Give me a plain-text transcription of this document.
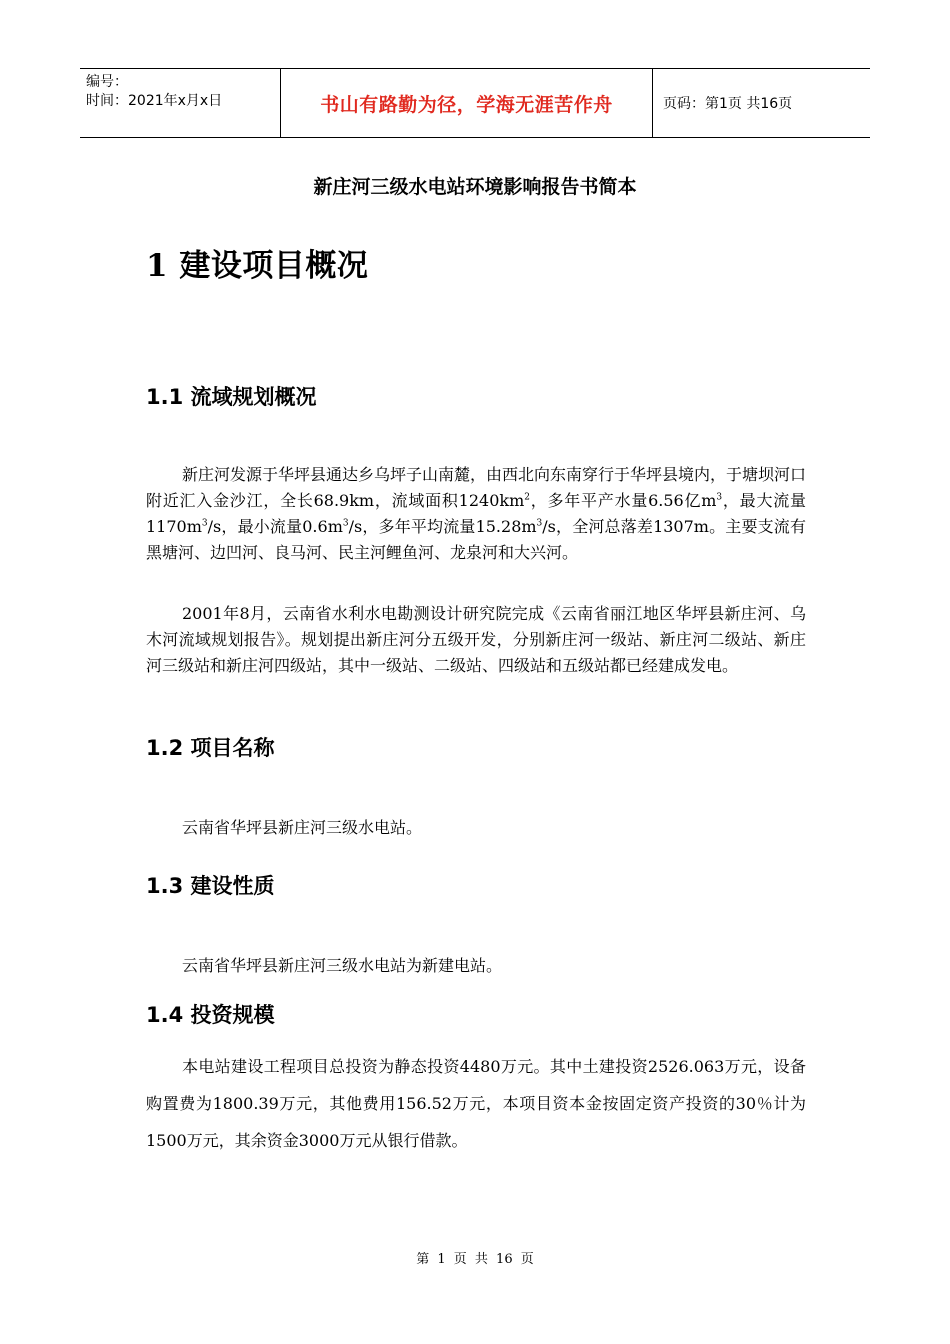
编号：
时间：2021年x月x日	书山有路勤为径，学海无涯苦作舟	页码：第1页 共16页
新庄河三级水电站环境影响报告书简本
1 建设项目概况
1.1 流域规划概况

新庄河发源于华坪县通达乡乌坪子山南麓，由西北向东南穿行于华坪县境内，于塘坝河口附近汇入金沙江，全长68.9km，流域面积$1240km^2$，多年平产水量6.56亿$m^3$，最大流量$1170m^3/s$，最小流量$0.6m^3/s$，多年平均流量$15.28m^3/s$，全河总落差1307m。主要支流有黑塘河、边凹河、良马河、民主河鲤鱼河、龙泉河和大兴河。

2001年8月，云南省水利水电勘测设计研究院完成《云南省丽江地区华坪县新庄河、乌木河流域规划报告》。规划提出新庄河分五级开发，分别新庄河一级站、新庄河二级站、新庄河三级站和新庄河四级站，其中一级站、二级站、四级站和五级站都已经建成发电。

1.2 项目名称

云南省华坪县新庄河三级水电站。

1.3 建设性质

云南省华坪县新庄河三级水电站为新建电站。

1.4 投资规模

本电站建设工程项目总投资为静态投资4480万元。其中土建投资2526.063万元，设备购置费为1800.39万元，其他费用156.52万元，本项目资本金按固定资产投资的30％计为1500万元，其余资金3000万元从银行借款。

第 1 页 共 16 页
